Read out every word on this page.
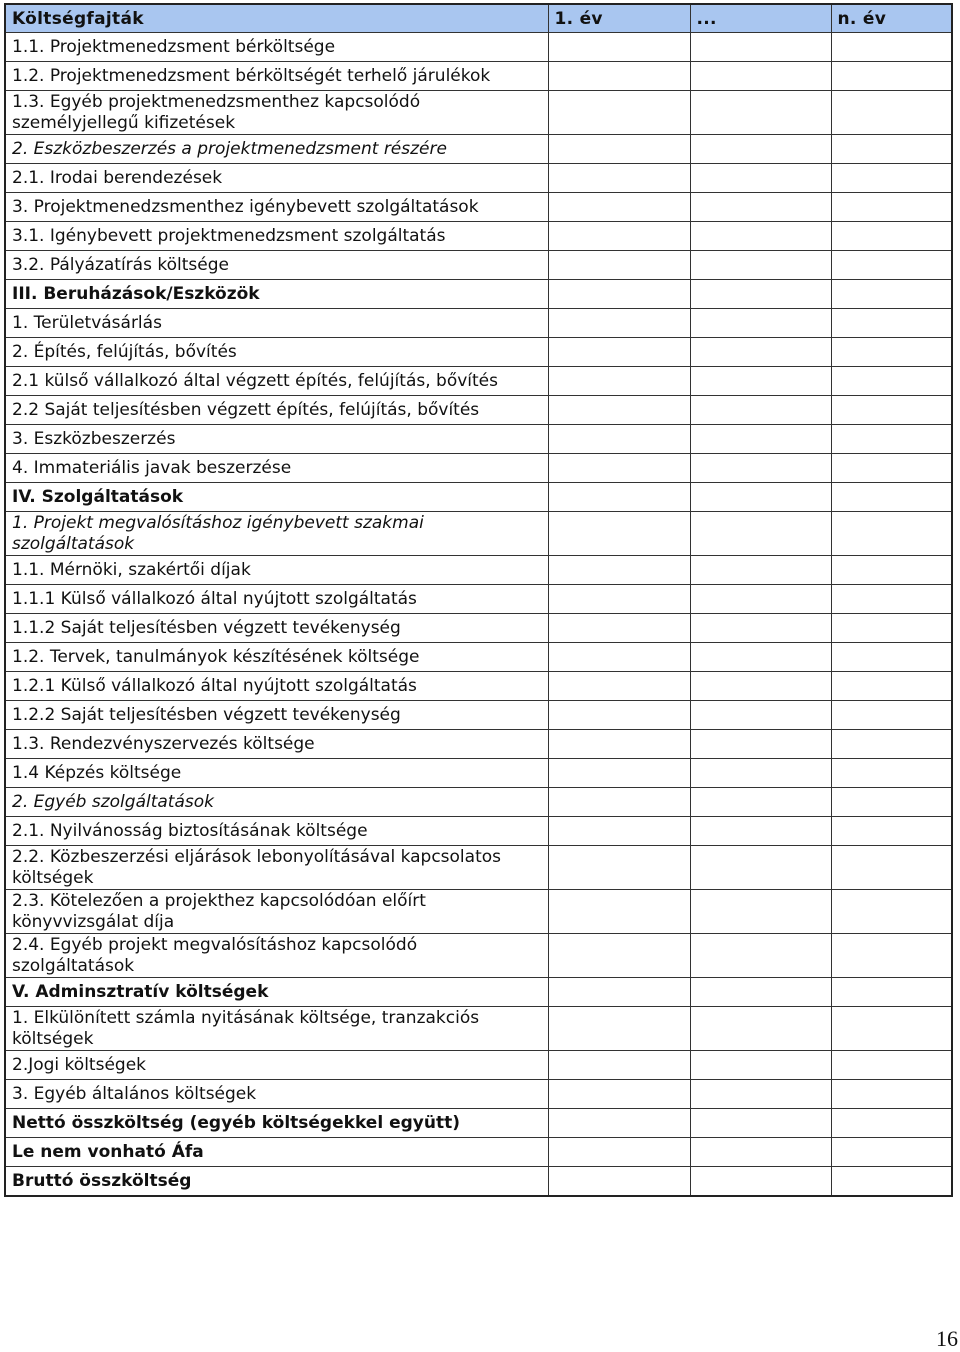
Költségfajták	1. év	...	n. év
1.1. Projektmenedzsment bérköltsége			
1.2. Projektmenedzsment bérköltségét terhelő járulékok			
1.3. Egyéb projektmenedzsmenthez kapcsolódó személyjellegű kifizetések			
2. Eszközbeszerzés a projektmenedzsment részére			
2.1. Irodai berendezések			
3. Projektmenedzsmenthez igénybevett szolgáltatások			
3.1. Igénybevett projektmenedzsment szolgáltatás			
3.2. Pályázatírás költsége			
III. Beruházások/Eszközök			
1. Területvásárlás			
2. Építés, felújítás, bővítés			
2.1 külső vállalkozó által végzett építés, felújítás, bővítés			
2.2 Saját teljesítésben végzett építés, felújítás, bővítés			
3. Eszközbeszerzés			
4. Immateriális javak beszerzése			
IV. Szolgáltatások			
1. Projekt megvalósításhoz igénybevett szakmai szolgáltatások			
1.1. Mérnöki, szakértői díjak			
1.1.1 Külső vállalkozó által nyújtott szolgáltatás			
1.1.2 Saját teljesítésben végzett tevékenység			
1.2. Tervek, tanulmányok készítésének költsége			
1.2.1 Külső vállalkozó által nyújtott szolgáltatás			
1.2.2 Saját teljesítésben végzett tevékenység			
1.3. Rendezvényszervezés költsége			
1.4 Képzés költsége			
2. Egyéb szolgáltatások			
2.1. Nyilvánosság biztosításának költsége			
2.2. Közbeszerzési eljárások lebonyolításával kapcsolatos költségek			
2.3. Kötelezően a projekthez kapcsolódóan előírt könyvvizsgálat díja			
2.4. Egyéb projekt megvalósításhoz kapcsolódó szolgáltatások			
V. Adminsztratív költségek			
1. Elkülönített számla nyitásának költsége, tranzakciós költségek			
2.Jogi költségek			
3. Egyéb általános költségek			
Nettó összköltség (egyéb költségekkel együtt)			
Le nem vonható Áfa			
Bruttó összköltség			
16
